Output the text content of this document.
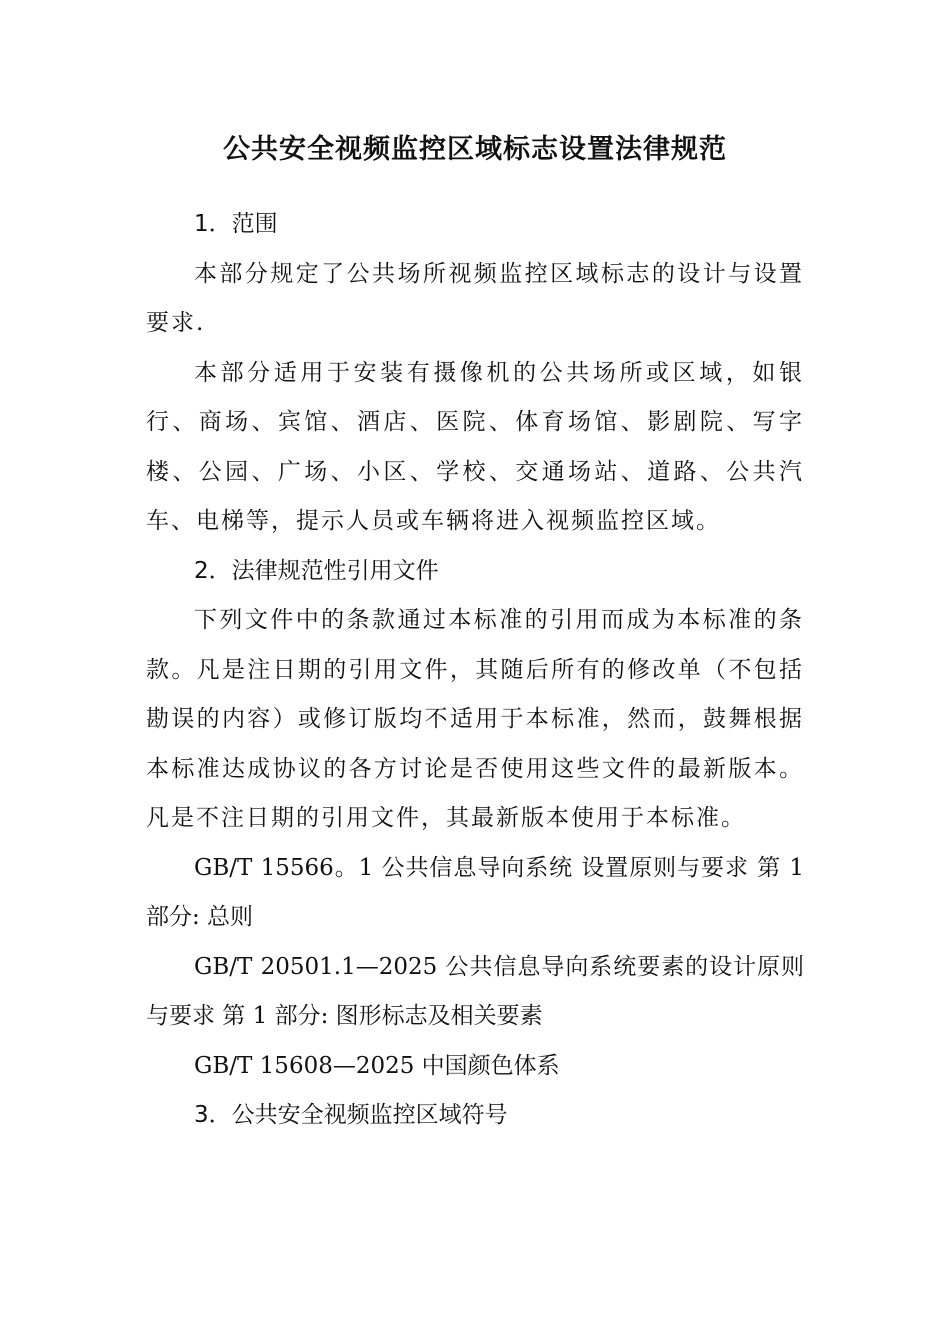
公共安全视频监控区域标志设置法律规范

1．范围

本部分规定了公共场所视频监控区域标志的设计与设置要求.

本部分适用于安装有摄像机的公共场所或区域，如银行、商场、宾馆、酒店、医院、体育场馆、影剧院、写字楼、公园、广场、小区、学校、交通场站、道路、公共汽车、电梯等，提示人员或车辆将进入视频监控区域。

2．法律规范性引用文件

下列文件中的条款通过本标准的引用而成为本标准的条款。凡是注日期的引用文件，其随后所有的修改单（不包括勘误的内容）或修订版均不适用于本标准，然而，鼓舞根据本标准达成协议的各方讨论是否使用这些文件的最新版本。凡是不注日期的引用文件，其最新版本使用于本标准。

GB/T 15566。1 公共信息导向系统 设置原则与要求 第 1 部分: 总则

GB/T 20501.1—2025 公共信息导向系统要素的设计原则与要求 第 1 部分: 图形标志及相关要素

GB/T 15608—2025 中国颜色体系

3．公共安全视频监控区域符号
